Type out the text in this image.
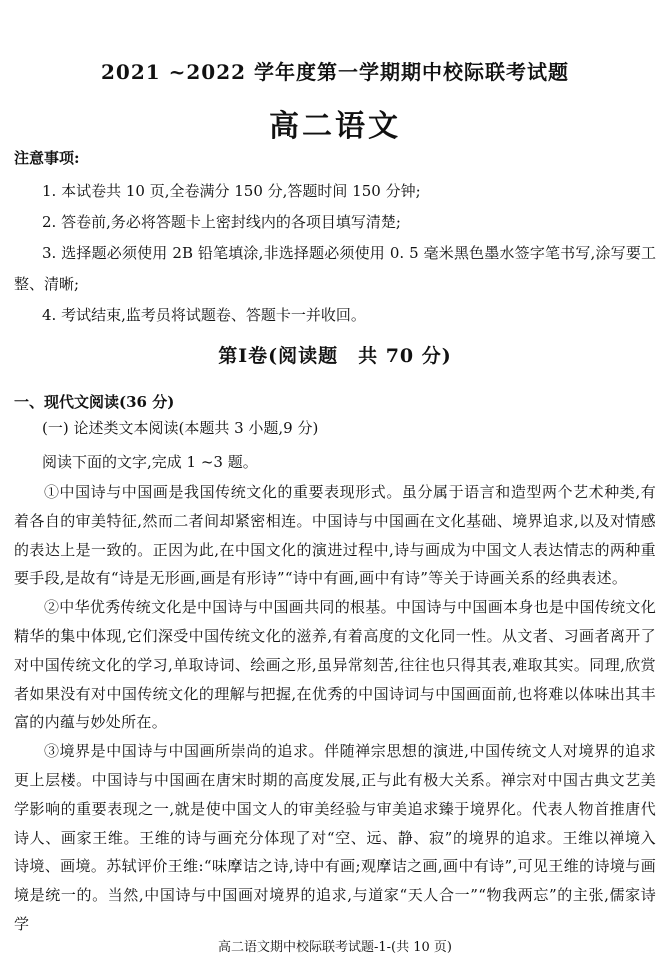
2021 ~2022 学年度第一学期期中校际联考试题
高二语文
注意事项:

1. 本试卷共 10 页,全卷满分 150 分,答题时间 150 分钟;

2. 答卷前,务必将答题卡上密封线内的各项目填写清楚;

3. 选择题必须使用 2B 铅笔填涂,非选择题必须使用 0. 5 毫米黑色墨水签字笔书写,涂写要工整、清晰;

4. 考试结束,监考员将试题卷、答题卡一并收回。

第Ⅰ卷(阅读题　共 70 分)
一、现代文阅读(36 分)
(一) 论述类文本阅读(本题共 3 小题,9 分)
阅读下面的文字,完成 1 ~3 题。

①中国诗与中国画是我国传统文化的重要表现形式。虽分属于语言和造型两个艺术种类,有着各自的审美特征,然而二者间却紧密相连。中国诗与中国画在文化基础、境界追求,以及对情感的表达上是一致的。正因为此,在中国文化的演进过程中,诗与画成为中国文人表达情志的两种重要手段,是故有“诗是无形画,画是有形诗”“诗中有画,画中有诗”等关于诗画关系的经典表述。

②中华优秀传统文化是中国诗与中国画共同的根基。中国诗与中国画本身也是中国传统文化精华的集中体现,它们深受中国传统文化的滋养,有着高度的文化同一性。从文者、习画者离开了对中国传统文化的学习,单取诗词、绘画之形,虽异常刻苦,往往也只得其表,难取其实。同理,欣赏者如果没有对中国传统文化的理解与把握,在优秀的中国诗词与中国画面前,也将难以体味出其丰富的内蕴与妙处所在。

③境界是中国诗与中国画所崇尚的追求。伴随禅宗思想的演进,中国传统文人对境界的追求更上层楼。中国诗与中国画在唐宋时期的高度发展,正与此有极大关系。禅宗对中国古典文艺美学影响的重要表现之一,就是使中国文人的审美经验与审美追求臻于境界化。代表人物首推唐代诗人、画家王维。王维的诗与画充分体现了对“空、远、静、寂”的境界的追求。王维以禅境入诗境、画境。苏轼评价王维:“味摩诘之诗,诗中有画;观摩诘之画,画中有诗”,可见王维的诗境与画境是统一的。当然,中国诗与中国画对境界的追求,与道家“天人合一”“物我两忘”的主张,儒家诗学

高二语文期中校际联考试题-1-(共 10 页)
